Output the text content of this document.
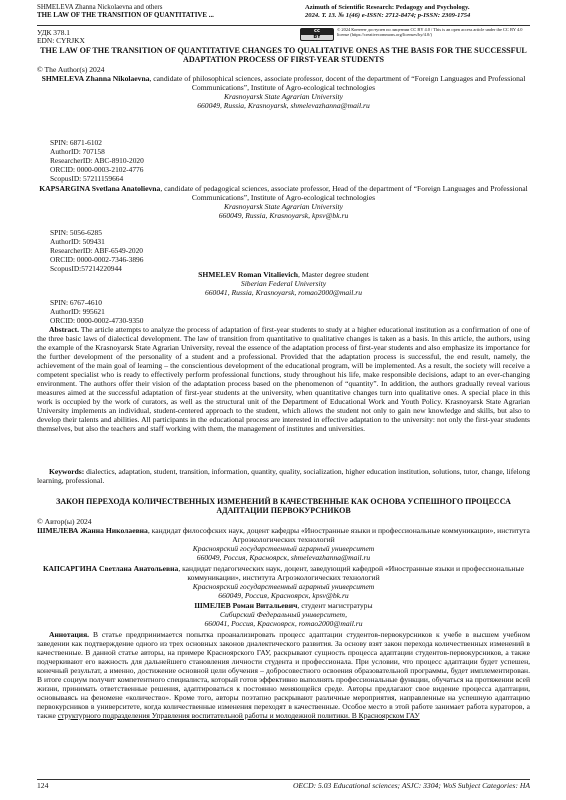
SHMELEVA Zhanna Nickolaevna and others
THE LAW OF THE TRANSITION OF QUANTITATIVE ...
Azimuth of Scientific Research: Pedagogy and Psychology.
2024. T. 13. № 1(46) e-ISSN: 2712-8474; p-ISSN: 2309-1754
УДК 378.1
EDN: CYRJKX
cc
BY
© 2024 Контент доступен по лицензии CC BY 4.0 / This is an open access article under the CC BY 4.0 license (https://creativecommons.org/licenses/by/4.0/)
THE LAW OF THE TRANSITION OF QUANTITATIVE CHANGES TO QUALITATIVE ONES AS THE BASIS FOR THE SUCCESSFUL ADAPTATION PROCESS OF FIRST-YEAR STUDENTS
© The Author(s) 2024
SHMELEVA Zhanna Nikolaevna, candidate of philosophical sciences, associate professor, docent of the department of “Foreign Languages and Professional Communications”, Institute of Agro-ecological technologies
Krasnoyarsk State Agrarian University
660049, Russia, Krasnoyarsk, shmelevazhanna@mail.ru
SPIN: 6871-6102
AuthorID: 707158
ResearcherID: ABC-8910-2020
ORCID: 0000-0003-2102-4776
ScopusID: 57211159664
KAPSARGINA Svetlana Anatolievna, candidate of pedagogical sciences, associate professor, Head of the department of “Foreign Languages and Professional Communications”, Institute of Agro-ecological technologies
Krasnoyarsk State Agrarian University
660049, Russia, Krasnoyarsk, kpsv@bk.ru
SPIN: 5056-6285
AuthorID: 509431
ResearcherID: ABF-6549-2020
ORCID: 0000-0002-7346-3896
ScopusID:57214220944
SHMELEV Roman Vitalievich, Master degree student
Siberian Federal University
660041, Russia, Krasnoyarsk, romao2000@mail.ru
SPIN: 6767-4610
AuthorID: 995621
ORCID: 0000-0002-4730-9350
Abstract. The article attempts to analyze the process of adaptation of first-year students to study at a higher educational institution as a confirmation of one of the three basic laws of dialectical development. The law of transition from quantitative to qualitative changes is taken as a basis. In this article, the authors, using the example of the Krasnoyarsk State Agrarian University, reveal the essence of the adaptation process of first-year students and also emphasize its importance for the further development of the personality of a student and a professional. Provided that the adaptation process is successful, the end result, namely, the achievement of the main goal of learning – the conscientious development of the educational program, will be implemented. As a result, the society will receive a competent specialist who is ready to effectively perform professional functions, study throughout his life, make responsible decisions, adapt to an ever-changing environment. The authors offer their vision of the adaptation process based on the phenomenon of “quantity”. In addition, the authors gradually reveal various measures aimed at the successful adaptation of first-year students at the university, when quantitative changes turn into qualitative ones. A special place in this work is occupied by the work of curators, as well as the structural unit of the Department of Educational Work and Youth Policy. Krasnoyarsk State Agrarian University implements an individual, student-centered approach to the student, which allows the student not only to gain new knowledge and skills, but also to develop their talents and abilities. All participants in the educational process are interested in effective adaptation to the university: not only the first-year students themselves, but also the teachers and staff working with them, the management of institutes and universities.
Keywords: dialectics, adaptation, student, transition, information, quantity, quality, socialization, higher education institution, solutions, tutor, change, lifelong learning, professional.
ЗАКОН ПЕРЕХОДА КОЛИЧЕСТВЕННЫХ ИЗМЕНЕНИЙ В КАЧЕСТВЕННЫЕ КАК ОСНОВА УСПЕШНОГО ПРОЦЕССА АДАПТАЦИИ ПЕРВОКУРСНИКОВ
© Автор(ы) 2024
ШМЕЛЕВА Жанна Николаевна, кандидат философских наук, доцент кафедры «Иностранные языки и профессиональные коммуникации», института Агроэкологических технологий
Красноярский государственный аграрный университет
660049, Россия, Красноярск, shmelevazhanna@mail.ru
КАПСАРГИНА Светлана Анатольевна, кандидат педагогических наук, доцент, заведующий кафедрой «Иностранные языки и профессиональные коммуникации», института Агроэкологических технологий
Красноярский государственный аграрный университет
660049, Россия, Красноярск, kpsv@bk.ru
ШМЕЛЕВ Роман Витальевич, студент магистратуры
Сибирский Федеральный университет,
660041, Россия, Красноярск, romao2000@mail.ru
Аннотация. В статье предпринимается попытка проанализировать процесс адаптации студентов-первокурсников к учебе в высшем учебном заведении как подтверждение одного из трех основных законов диалектического развития. За основу взят закон перехода количественных изменений в качественные. В данной статье авторы, на примере Красноярского ГАУ, раскрывают сущность процесса адаптации студентов-первокурсников, а также подчеркивают его важность для дальнейшего становления личности студента и профессионала. При условии, что процесс адаптации будет успешен, конечный результат, а именно, достижение основной цели обучения – добросовестного освоения образовательной программы, будет имплементирован. В итоге социум получит компетентного специалиста, который готов эффективно выполнять профессиональные функции, обучаться на протяжении всей жизни, принимать ответственные решения, адаптироваться к постоянно меняющейся среде. Авторы предлагают свое видение процесса адаптации, основываясь на феномене «количество». Кроме того, авторы поэтапно раскрывают различные мероприятия, направленные на успешную адаптацию первокурсников в университете, когда количественные изменения переходят в качественные. Особое место в этой работе занимает работа кураторов, а также структурного подразделения Управления воспитательной работы и молодежной политики. В Красноярском ГАУ
124	OECD: 5.03 Educational sciences; ASJC: 3304; WoS Subject Categories: HA
